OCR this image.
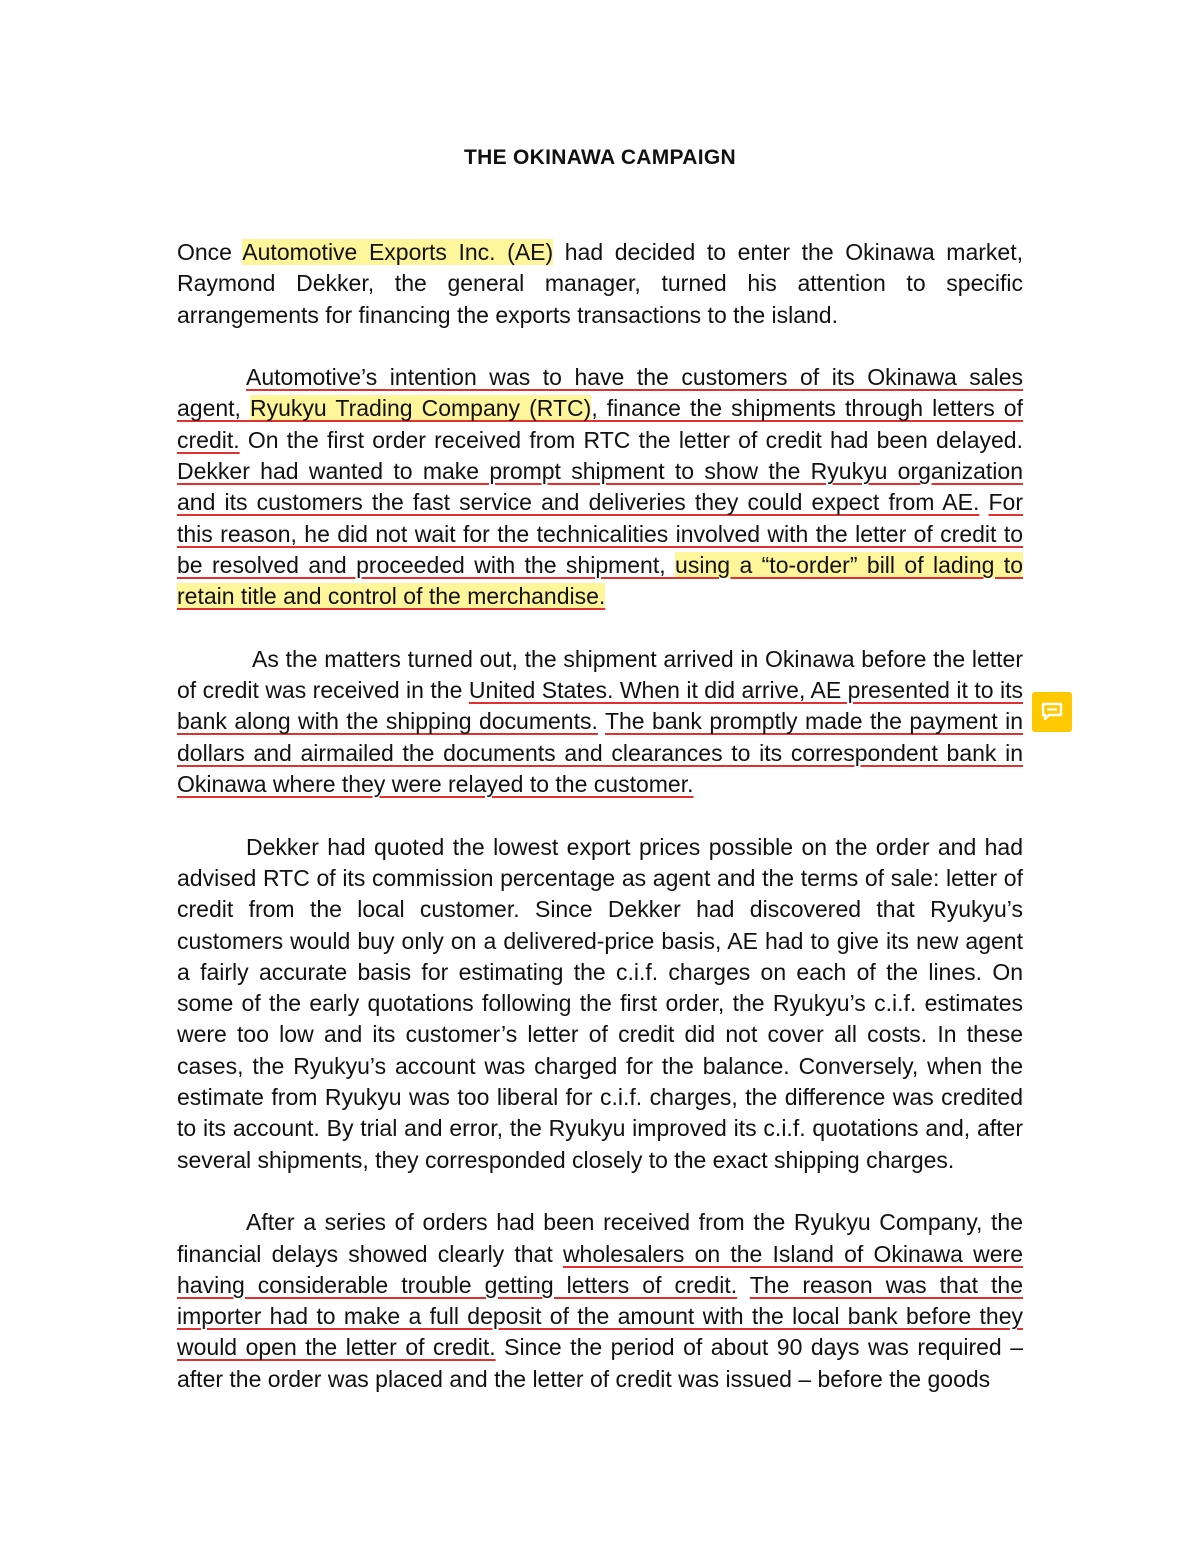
THE OKINAWA CAMPAIGN

Once Automotive Exports Inc. (AE) had decided to enter the Okinawa market, Raymond Dekker, the general manager, turned his attention to specific arrangements for financing the exports transactions to the island.

Automotive’s intention was to have the customers of its Okinawa sales agent, Ryukyu Trading Company (RTC), finance the shipments through letters of credit. On the first order received from RTC the letter of credit had been delayed. Dekker had wanted to make prompt shipment to show the Ryukyu organization and its customers the fast service and deliveries they could expect from AE. For this reason, he did not wait for the technicalities involved with the letter of credit to be resolved and proceeded with the shipment, using a “to-order” bill of lading to retain title and control of the merchandise.

As the matters turned out, the shipment arrived in Okinawa before the letter of credit was received in the United States. When it did arrive, AE presented it to its bank along with the shipping documents. The bank promptly made the payment in dollars and airmailed the documents and clearances to its correspondent bank in Okinawa where they were relayed to the customer.

Dekker had quoted the lowest export prices possible on the order and had advised RTC of its commission percentage as agent and the terms of sale: letter of credit from the local customer. Since Dekker had discovered that Ryukyu’s customers would buy only on a delivered-price basis, AE had to give its new agent a fairly accurate basis for estimating the c.i.f. charges on each of the lines. On some of the early quotations following the first order, the Ryukyu’s c.i.f. estimates were too low and its customer’s letter of credit did not cover all costs. In these cases, the Ryukyu’s account was charged for the balance. Conversely, when the estimate from Ryukyu was too liberal for c.i.f. charges, the difference was credited to its account. By trial and error, the Ryukyu improved its c.i.f. quotations and, after several shipments, they corresponded closely to the exact shipping charges.

After a series of orders had been received from the Ryukyu Company, the financial delays showed clearly that wholesalers on the Island of Okinawa were having considerable trouble getting letters of credit. The reason was that the importer had to make a full deposit of the amount with the local bank before they would open the letter of credit. Since the period of about 90 days was required – after the order was placed and the letter of credit was issued – before the goods
